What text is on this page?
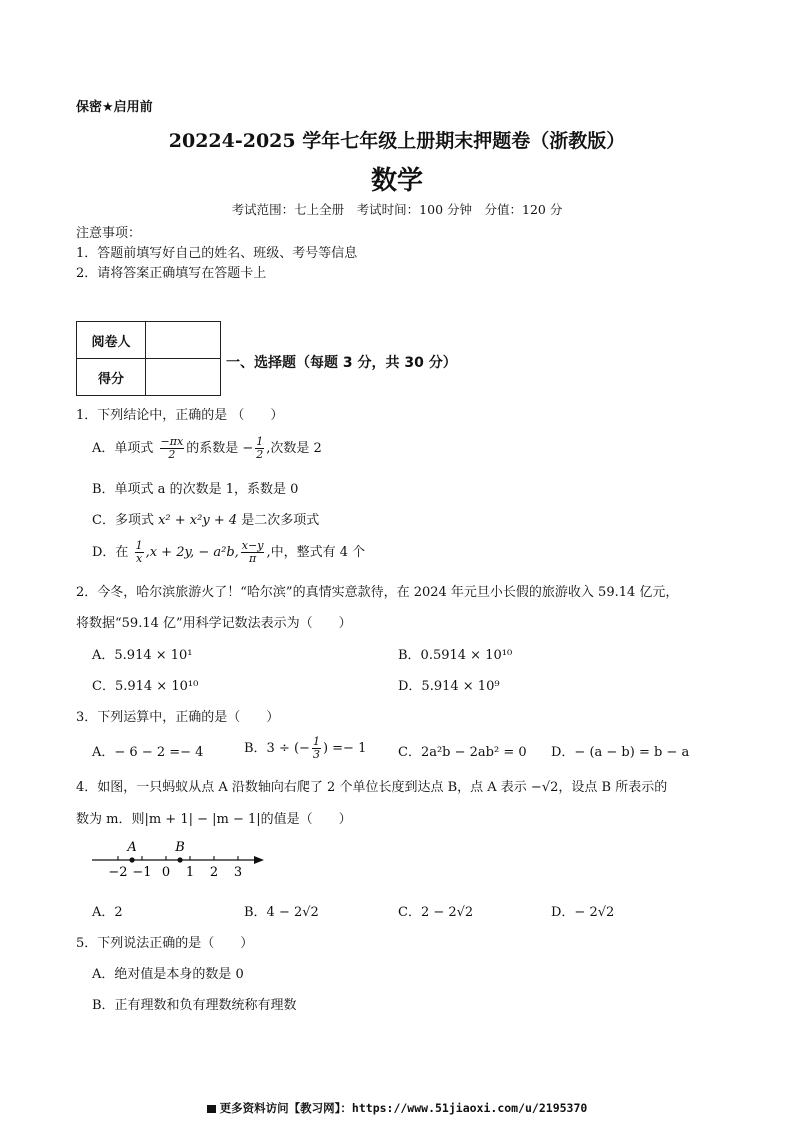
保密★启用前
20224-2025 学年七年级上册期末押题卷（浙教版）
数学
考试范围：七上全册　考试时间：100 分钟　分值：120 分
注意事项：
1．答题前填写好自己的姓名、班级、考号等信息
2．请将答案正确填写在答题卡上
阅卷人	
得分	
一、选择题（每题 3 分，共 30 分）
1．下列结论中，正确的是 （　　）
A．单项式 $\frac{-\pi x}{2}$ 的系数是 − $\frac{1}{2}$ ,次数是 2
B．单项式 a 的次数是 1，系数是 0
C．多项式 x² + x²y + 4 是二次多项式
D．在 $\frac{1}{x} ,x + 2y$, − a²b, $\frac{x-y}{\pi}$ ,中，整式有 4 个
2．今冬，哈尔滨旅游火了！“哈尔滨”的真情实意款待，在 2024 年元旦小长假的旅游收入 59.14 亿元，
将数据“59.14 亿”用科学记数法表示为（　　）
A．5.914 × 10¹	B．0.5914 × 10¹⁰
C．5.914 × 10¹⁰	D．5.914 × 10⁹
3．下列运算中，正确的是（　　）
A．− 6 − 2 =− 4	B．3 ÷ (− $\frac{1}{3}$ ) =− 1 C．2a²b − 2ab² = 0 D．− (a − b) = b − a
4．如图，一只蚂蚁从点 A 沿数轴向右爬了 2 个单位长度到达点 B，点 A 表示 −√2，设点 B 所表示的
数为 m．则|m + 1| − |m − 1|的值是（　　）
−2 −1 0 1 2 3
A	B
A．2	B．4 − 2√2	C．2 − 2√2	D．− 2√2
5．下列说法正确的是（　　）
A．绝对值是本身的数是 0
B．正有理数和负有理数统称有理数
更多资料访问【教习网】：https://www.51jiaoxi.com/u/2195370
